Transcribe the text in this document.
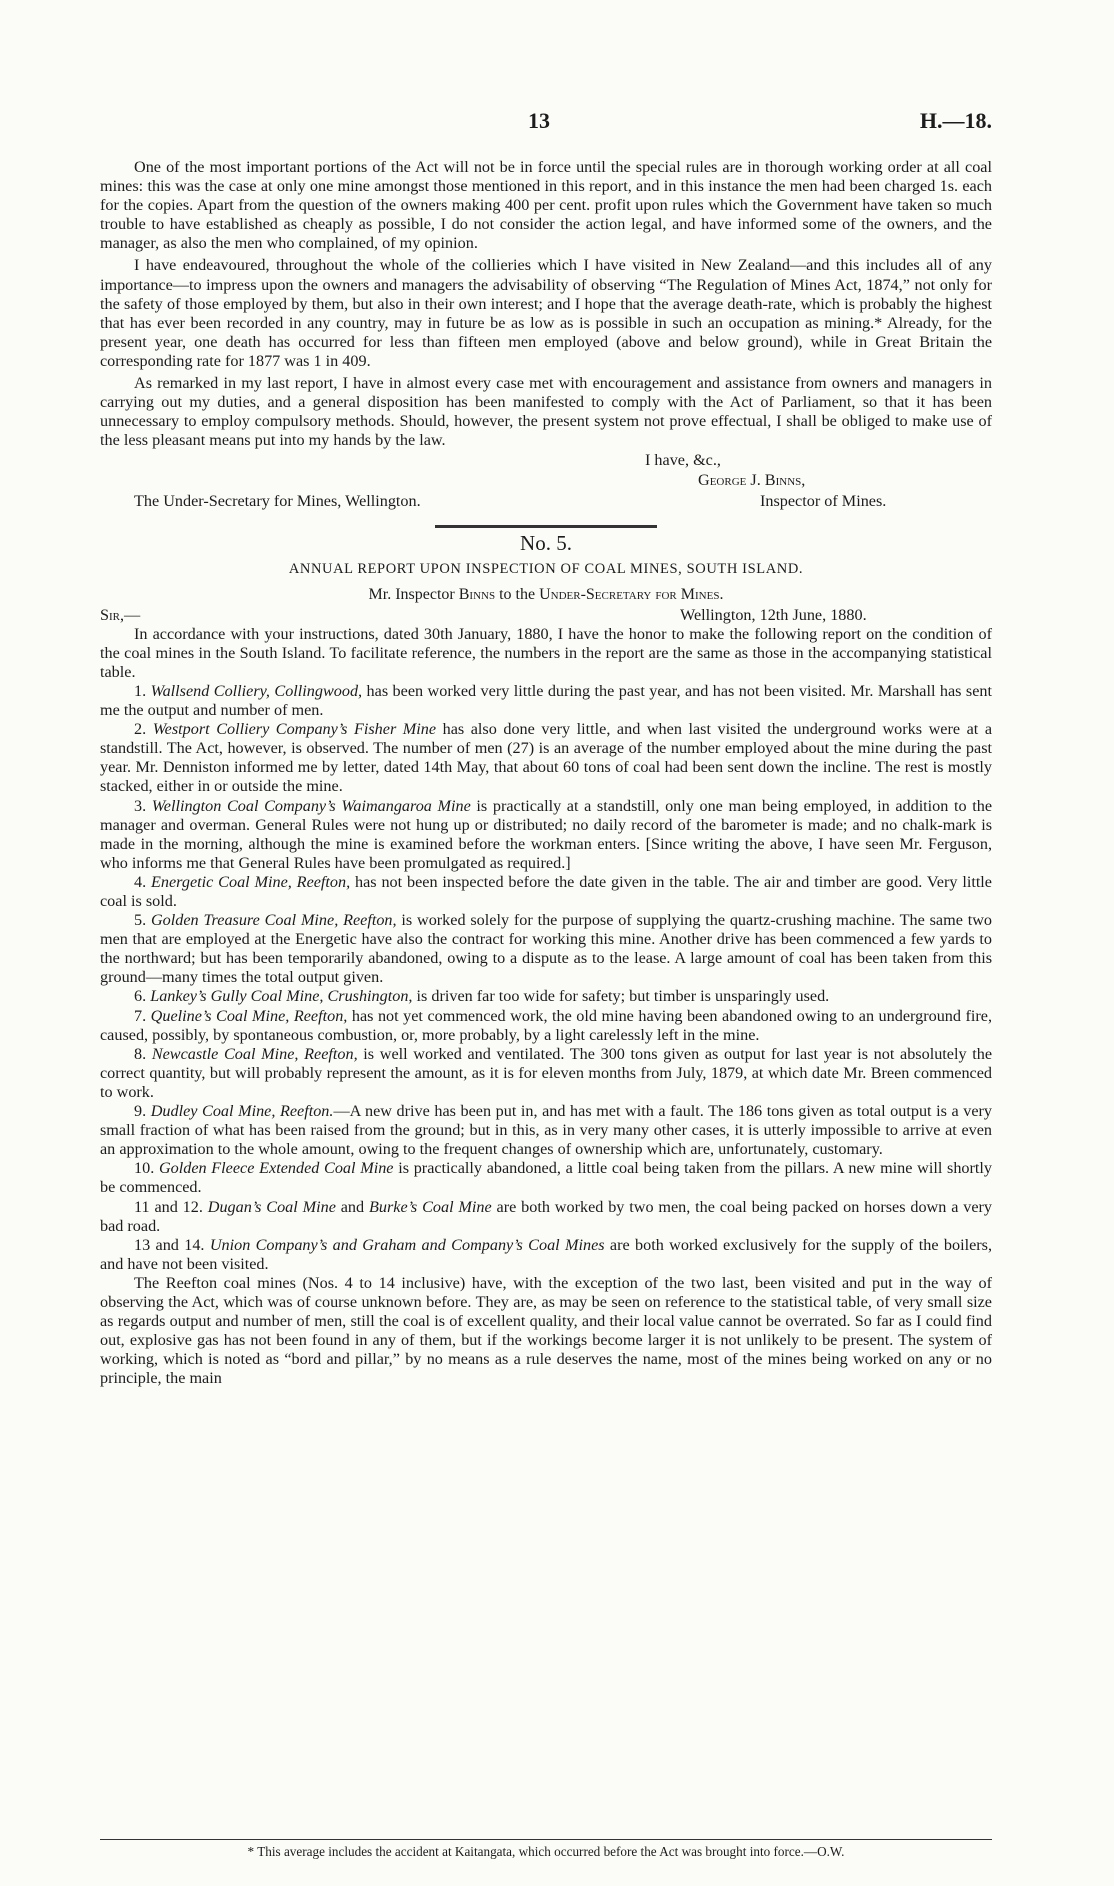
13	H.—18.

One of the most important portions of the Act will not be in force until the special rules are in thorough working order at all coal mines: this was the case at only one mine amongst those mentioned in this report, and in this instance the men had been charged 1s. each for the copies. Apart from the question of the owners making 400 per cent. profit upon rules which the Government have taken so much trouble to have established as cheaply as possible, I do not consider the action legal, and have informed some of the owners, and the manager, as also the men who complained, of my opinion.

I have endeavoured, throughout the whole of the collieries which I have visited in New Zealand—and this includes all of any importance—to impress upon the owners and managers the advisability of observing “The Regulation of Mines Act, 1874,” not only for the safety of those employed by them, but also in their own interest; and I hope that the average death-rate, which is probably the highest that has ever been recorded in any country, may in future be as low as is possible in such an occupation as mining.* Already, for the present year, one death has occurred for less than fifteen men employed (above and below ground), while in Great Britain the corresponding rate for 1877 was 1 in 409.

As remarked in my last report, I have in almost every case met with encouragement and assistance from owners and managers in carrying out my duties, and a general disposition has been manifested to comply with the Act of Parliament, so that it has been unnecessary to employ compulsory methods. Should, however, the present system not prove effectual, I shall be obliged to make use of the less pleasant means put into my hands by the law.

I have, &c.,
George J. Binns,
The Under-Secretary for Mines, Wellington.	Inspector of Mines.
No. 5.
ANNUAL REPORT UPON INSPECTION OF COAL MINES, SOUTH ISLAND.
Mr. Inspector Binns to the Under-Secretary for Mines.
Sir,—	Wellington, 12th June, 1880.

In accordance with your instructions, dated 30th January, 1880, I have the honor to make the following report on the condition of the coal mines in the South Island. To facilitate reference, the numbers in the report are the same as those in the accompanying statistical table.

1. Wallsend Colliery, Collingwood, has been worked very little during the past year, and has not been visited. Mr. Marshall has sent me the output and number of men.

2. Westport Colliery Company’s Fisher Mine has also done very little, and when last visited the underground works were at a standstill. The Act, however, is observed. The number of men (27) is an average of the number employed about the mine during the past year. Mr. Denniston informed me by letter, dated 14th May, that about 60 tons of coal had been sent down the incline. The rest is mostly stacked, either in or outside the mine.

3. Wellington Coal Company’s Waimangaroa Mine is practically at a standstill, only one man being employed, in addition to the manager and overman. General Rules were not hung up or distributed; no daily record of the barometer is made; and no chalk-mark is made in the morning, although the mine is examined before the workman enters. [Since writing the above, I have seen Mr. Ferguson, who informs me that General Rules have been promulgated as required.]

4. Energetic Coal Mine, Reefton, has not been inspected before the date given in the table. The air and timber are good. Very little coal is sold.

5. Golden Treasure Coal Mine, Reefton, is worked solely for the purpose of supplying the quartz-crushing machine. The same two men that are employed at the Energetic have also the contract for working this mine. Another drive has been commenced a few yards to the northward; but has been temporarily abandoned, owing to a dispute as to the lease. A large amount of coal has been taken from this ground—many times the total output given.

6. Lankey’s Gully Coal Mine, Crushington, is driven far too wide for safety; but timber is unsparingly used.

7. Queline’s Coal Mine, Reefton, has not yet commenced work, the old mine having been abandoned owing to an underground fire, caused, possibly, by spontaneous combustion, or, more probably, by a light carelessly left in the mine.

8. Newcastle Coal Mine, Reefton, is well worked and ventilated. The 300 tons given as output for last year is not absolutely the correct quantity, but will probably represent the amount, as it is for eleven months from July, 1879, at which date Mr. Breen commenced to work.

9. Dudley Coal Mine, Reefton.—A new drive has been put in, and has met with a fault. The 186 tons given as total output is a very small fraction of what has been raised from the ground; but in this, as in very many other cases, it is utterly impossible to arrive at even an approximation to the whole amount, owing to the frequent changes of ownership which are, unfortunately, customary.

10. Golden Fleece Extended Coal Mine is practically abandoned, a little coal being taken from the pillars. A new mine will shortly be commenced.

11 and 12. Dugan’s Coal Mine and Burke’s Coal Mine are both worked by two men, the coal being packed on horses down a very bad road.

13 and 14. Union Company’s and Graham and Company’s Coal Mines are both worked exclusively for the supply of the boilers, and have not been visited.

The Reefton coal mines (Nos. 4 to 14 inclusive) have, with the exception of the two last, been visited and put in the way of observing the Act, which was of course unknown before. They are, as may be seen on reference to the statistical table, of very small size as regards output and number of men, still the coal is of excellent quality, and their local value cannot be overrated. So far as I could find out, explosive gas has not been found in any of them, but if the workings become larger it is not unlikely to be present. The system of working, which is noted as “bord and pillar,” by no means as a rule deserves the name, most of the mines being worked on any or no principle, the main

* This average includes the accident at Kaitangata, which occurred before the Act was brought into force.—O.W.
